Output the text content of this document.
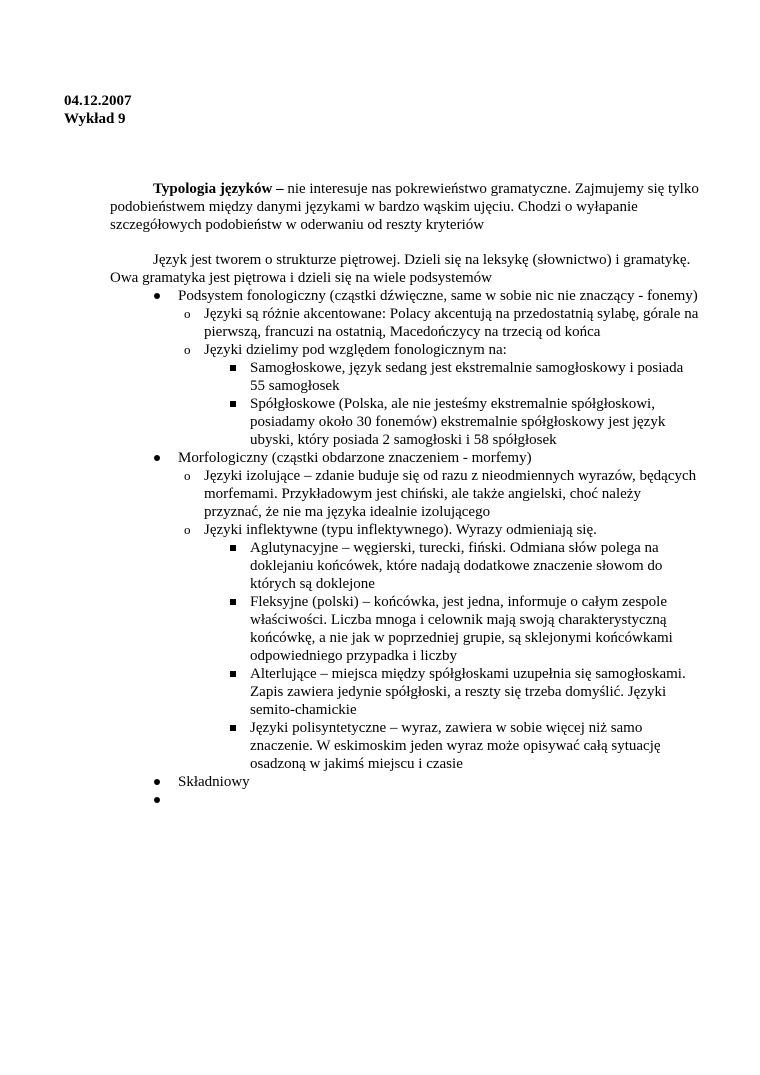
04.12.2007
Wykład 9
Typologia języków – nie interesuje nas pokrewieństwo gramatyczne. Zajmujemy się tylko podobieństwem między danymi językami w bardzo wąskim ujęciu. Chodzi o wyłapanie szczegółowych podobieństw w oderwaniu od reszty kryteriów
Język jest tworem o strukturze piętrowej. Dzieli się na leksykę (słownictwo) i gramatykę. Owa gramatyka jest piętrowa i dzieli się na wiele podsystemów
Podsystem fonologiczny (cząstki dźwięczne, same w sobie nic nie znaczący - fonemy)
o Języki są różnie akcentowane: Polacy akcentują na przedostatnią sylabę, górale na pierwszą, francuzi na ostatnią, Macedończycy na trzecią od końca
o Języki dzielimy pod względem fonologicznym na:
Samogłoskowe, język sedang jest ekstremalnie samogłoskowy i posiada 55 samogłosek
Spółgłoskowe (Polska, ale nie jesteśmy ekstremalnie spółgłoskowi, posiadamy około 30 fonemów) ekstremalnie spółgłoskowy jest język ubyski, który posiada 2 samogłoski i 58 spółgłosek
Morfologiczny (cząstki obdarzone znaczeniem - morfemy)
o Języki izolujące – zdanie buduje się od razu z nieodmiennych wyrazów, będących morfemami. Przykładowym jest chiński, ale także angielski, choć należy przyznać, że nie ma języka idealnie izolującego
o Języki inflektywne (typu inflektywnego). Wyrazy odmieniają się.
Aglutynacyjne – węgierski, turecki, fiński. Odmiana słów polega na doklejaniu końcówek, które nadają dodatkowe znaczenie słowom do których są doklejone
Fleksyjne (polski) – końcówka, jest jedna, informuje o całym zespole właściwości. Liczba mnoga i celownik mają swoją charakterystyczną końcówkę, a nie jak w poprzedniej grupie, są sklejonymi końcówkami odpowiedniego przypadka i liczby
Alterlujące – miejsca między spółgłoskami uzupełnia się samogłoskami. Zapis zawiera jedynie spółgłoski, a reszty się trzeba domyślić. Języki semito-chamickie
Języki polisyntetyczne – wyraz, zawiera w sobie więcej niż samo znaczenie. W eskimoskim jeden wyraz może opisywać całą sytuację osadzoną w jakimś miejscu i czasie
Składniowy
